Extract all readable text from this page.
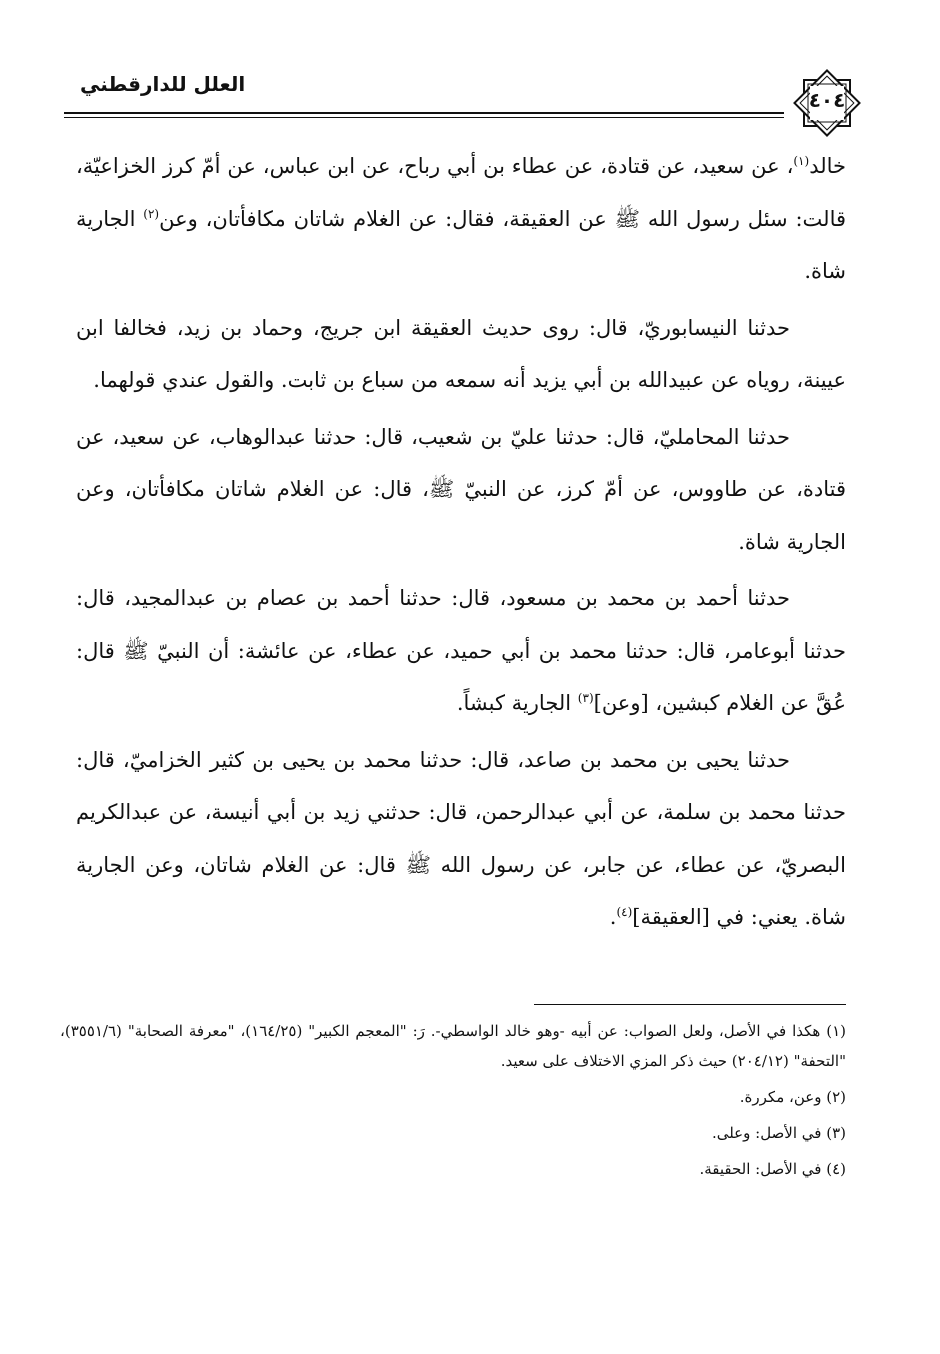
العلل للدارقطني
٤٠٤

خالد$^{(١)}$، عن سعيد، عن قتادة، عن عطاء بن أبي رباح، عن ابن عباس، عن أمّ كرز الخزاعيّة، قالت: سئل رسول الله ﷺ عن العقيقة، فقال: عن الغلام شاتان مكافأتان، وعن$^{(٢)}$ الجارية شاة.

حدثنا النيسابوريّ، قال: روى حديث العقيقة ابن جريج، وحماد بن زيد، فخالفا ابن عيينة، روياه عن عبيدالله بن أبي يزيد أنه سمعه من سباع بن ثابت. والقول عندي قولهما.

حدثنا المحامليّ، قال: حدثنا عليّ بن شعيب، قال: حدثنا عبدالوهاب، عن سعيد، عن قتادة، عن طاووس، عن أمّ كرز، عن النبيّ ﷺ، قال: عن الغلام شاتان مكافأتان، وعن الجارية شاة.

حدثنا أحمد بن محمد بن مسعود، قال: حدثنا أحمد بن عصام بن عبدالمجيد، قال: حدثنا أبوعامر، قال: حدثنا محمد بن أبي حميد، عن عطاء، عن عائشة: أن النبيّ ﷺ قال: عُقَّ عن الغلام كبشين، [وعن]$^{(٣)}$ الجارية كبشاً.

حدثنا يحيى بن محمد بن صاعد، قال: حدثنا محمد بن يحيى بن كثير الخزاميّ، قال: حدثنا محمد بن سلمة، عن أبي عبدالرحمن، قال: حدثني زيد بن أبي أنيسة، عن عبدالكريم البصريّ، عن عطاء، عن جابر، عن رسول الله ﷺ قال: عن الغلام شاتان، وعن الجارية شاة. يعني: في [العقيقة]$^{(٤)}$.

(١) هكذا في الأصل، ولعل الصواب: عن أبيه -وهو خالد الواسطي-. رَ: "المعجم الكبير" (١٦٤/٢٥)، "معرفة الصحابة" (٣٥٥١/٦)، "التحفة" (٢٠٤/١٢) حيث ذكر المزي الاختلاف على سعيد.

(٢) وعن، مكررة.

(٣) في الأصل: وعلى.

(٤) في الأصل: الحقيقة.
